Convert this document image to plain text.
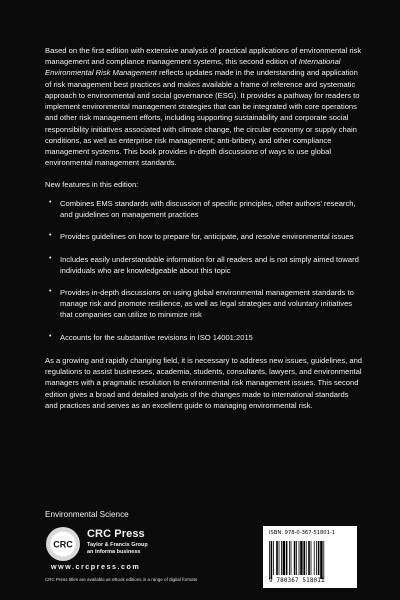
Based on the first edition with extensive analysis of practical applications of environmental risk management and compliance management systems, this second edition of International Environmental Risk Management reflects updates made in the understanding and application of risk management best practices and makes available a frame of reference and systematic approach to environmental and social governance (ESG). It provides a pathway for readers to implement environmental management strategies that can be integrated with core operations and other risk management efforts, including supporting sustainability and corporate social responsibility initiatives associated with climate change, the circular economy or supply chain conditions, as well as enterprise risk management; anti-bribery, and other compliance management systems. This book provides in-depth discussions of ways to use global environmental management standards.

New features in this edition:

• Combines EMS standards with discussion of specific principles, other authors’ research, and guidelines on management practices
• Provides guidelines on how to prepare for, anticipate, and resolve environmental issues
• Includes easily understandable information for all readers and is not simply aimed toward individuals who are knowledgeable about this topic
• Provides in-depth discussions on using global environmental management standards to manage risk and promote resilience, as well as legal strategies and voluntary initiatives that companies can utilize to minimize risk
• Accounts for the substantive revisions in ISO 14001:2015

As a growing and rapidly changing field, it is necessary to address new issues, guidelines, and regulations to assist businesses, academia, students, consultants, lawyers, and environmental managers with a pragmatic resolution to environmental risk management issues. This second edition gives a broad and detailed analysis of the changes made to international standards and practices and serves as an excellent guide to managing environmental risk.

Environmental Science
CRC
CRC Press
Taylor & Francis Group
an informa business
www.crcpress.com
CRC Press titles are available as eBook editions in a range of digital formats
ISBN: 978-0-367-51801-1
9 780367 518011
